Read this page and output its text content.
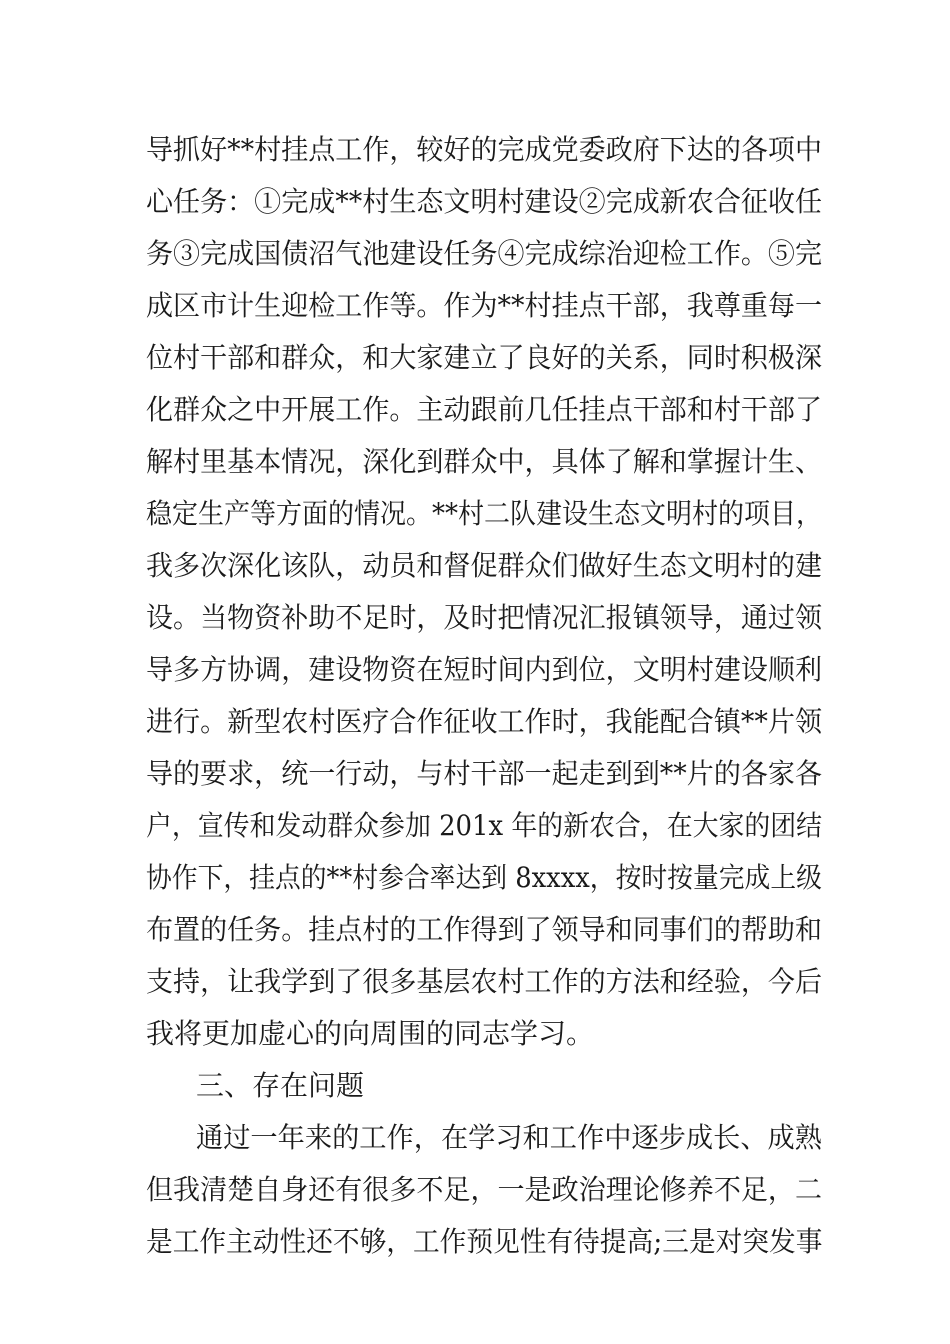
导抓好**村挂点工作，较好的完成党委政府下达的各项中
心任务：①完成**村生态文明村建设②完成新农合征收任
务③完成国债沼气池建设任务④完成综治迎检工作。⑤完
成区市计生迎检工作等。作为**村挂点干部，我尊重每一
位村干部和群众，和大家建立了良好的关系，同时积极深
化群众之中开展工作。主动跟前几任挂点干部和村干部了
解村里基本情况，深化到群众中，具体了解和掌握计生、
稳定生产等方面的情况。**村二队建设生态文明村的项目，
我多次深化该队，动员和督促群众们做好生态文明村的建
设。当物资补助不足时，及时把情况汇报镇领导，通过领
导多方协调，建设物资在短时间内到位，文明村建设顺利
进行。新型农村医疗合作征收工作时，我能配合镇**片领
导的要求，统一行动，与村干部一起走到到**片的各家各
户，宣传和发动群众参加 201x 年的新农合，在大家的团结
协作下，挂点的**村参合率达到 8xxxx，按时按量完成上级
布置的任务。挂点村的工作得到了领导和同事们的帮助和
支持，让我学到了很多基层农村工作的方法和经验，今后
我将更加虚心的向周围的同志学习。
三、存在问题
通过一年来的工作，在学习和工作中逐步成长、成熟
但我清楚自身还有很多不足，一是政治理论修养不足，二
是工作主动性还不够，工作预见性有待提高;三是对突发事
